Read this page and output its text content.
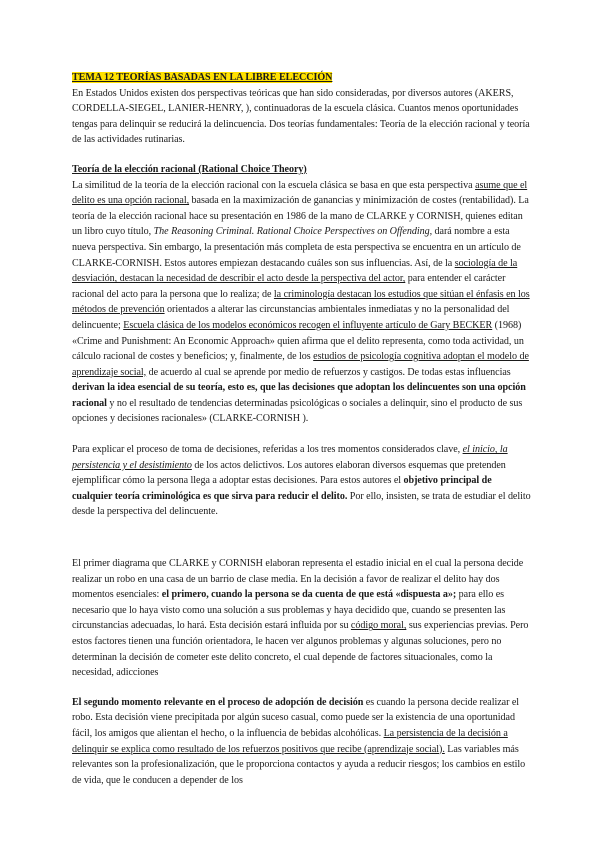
TEMA 12 TEORÍAS BASADAS EN LA LIBRE ELECCIÓN

En Estados Unidos existen dos perspectivas teóricas que han sido consideradas, por diversos autores (AKERS, CORDELLA-SIEGEL, LANIER-HENRY, ), continuadoras de la escuela clásica. Cuantos menos oportunidades tengas para delinquir se reducirá la delincuencia. Dos teorías fundamentales: Teoría de la elección racional y teoría de las actividades rutinarias.

Teoría de la elección racional (Rational Choice Theory)

La similitud de la teoría de la elección racional con la escuela clásica se basa en que esta perspectiva asume que el delito es una opción racional, basada en la maximización de ganancias y minimización de costes (rentabilidad). La teoría de la elección racional hace su presentación en 1986 de la mano de CLARKE y CORNISH, quienes editan un libro cuyo título, The Reasoning Criminal. Rational Choice Perspectives on Offending, dará nombre a esta nueva perspectiva. Sin embargo, la presentación más completa de esta perspectiva se encuentra en un artículo de CLARKE-CORNISH. Estos autores empiezan destacando cuáles son sus influencias. Así, de la sociología de la desviación, destacan la necesidad de describir el acto desde la perspectiva del actor, para entender el carácter racional del acto para la persona que lo realiza; de la criminología destacan los estudios que sitúan el énfasis en los métodos de prevención orientados a alterar las circunstancias ambientales inmediatas y no la personalidad del delincuente; Escuela clásica de los modelos económicos recogen el influyente artículo de Gary BECKER (1968) «Crime and Punishment: An Economic Approach» quien afirma que el delito representa, como toda actividad, un cálculo racional de costes y beneficios; y, finalmente, de los estudios de psicología cognitiva adoptan el modelo de aprendizaje social, de acuerdo al cual se aprende por medio de refuerzos y castigos. De todas estas influencias derivan la idea esencial de su teoría, esto es, que las decisiones que adoptan los delincuentes son una opción racional y no el resultado de tendencias determinadas psicológicas o sociales a delinquir, sino el producto de sus opciones y decisiones racionales» (CLARKE-CORNISH ).

Para explicar el proceso de toma de decisiones, referidas a los tres momentos considerados clave, el inicio, la persistencia y el desistimiento de los actos delictivos. Los autores elaboran diversos esquemas que pretenden ejemplificar cómo la persona llega a adoptar estas decisiones. Para estos autores el objetivo principal de cualquier teoría criminológica es que sirva para reducir el delito. Por ello, insisten, se trata de estudiar el delito desde la perspectiva del delincuente.

El primer diagrama que CLARKE y CORNISH elaboran representa el estadio inicial en el cual la persona decide realizar un robo en una casa de un barrio de clase media. En la decisión a favor de realizar el delito hay dos momentos esenciales: el primero, cuando la persona se da cuenta de que está «dispuesta a»; para ello es necesario que lo haya visto como una solución a sus problemas y haya decidido que, cuando se presenten las circunstancias adecuadas, lo hará. Esta decisión estará influida por su código moral, sus experiencias previas. Pero estos factores tienen una función orientadora, le hacen ver algunos problemas y algunas soluciones, pero no determinan la decisión de cometer este delito concreto, el cual depende de factores situacionales, como la necesidad, adicciones

El segundo momento relevante en el proceso de adopción de decisión es cuando la persona decide realizar el robo. Esta decisión viene precipitada por algún suceso casual, como puede ser la existencia de una oportunidad fácil, los amigos que alientan el hecho, o la influencia de bebidas alcohólicas. La persistencia de la decisión a delinquir se explica como resultado de los refuerzos positivos que recibe (aprendizaje social). Las variables más relevantes son la profesionalización, que le proporciona contactos y ayuda a reducir riesgos; los cambios en estilo de vida, que le conducen a depender de los
